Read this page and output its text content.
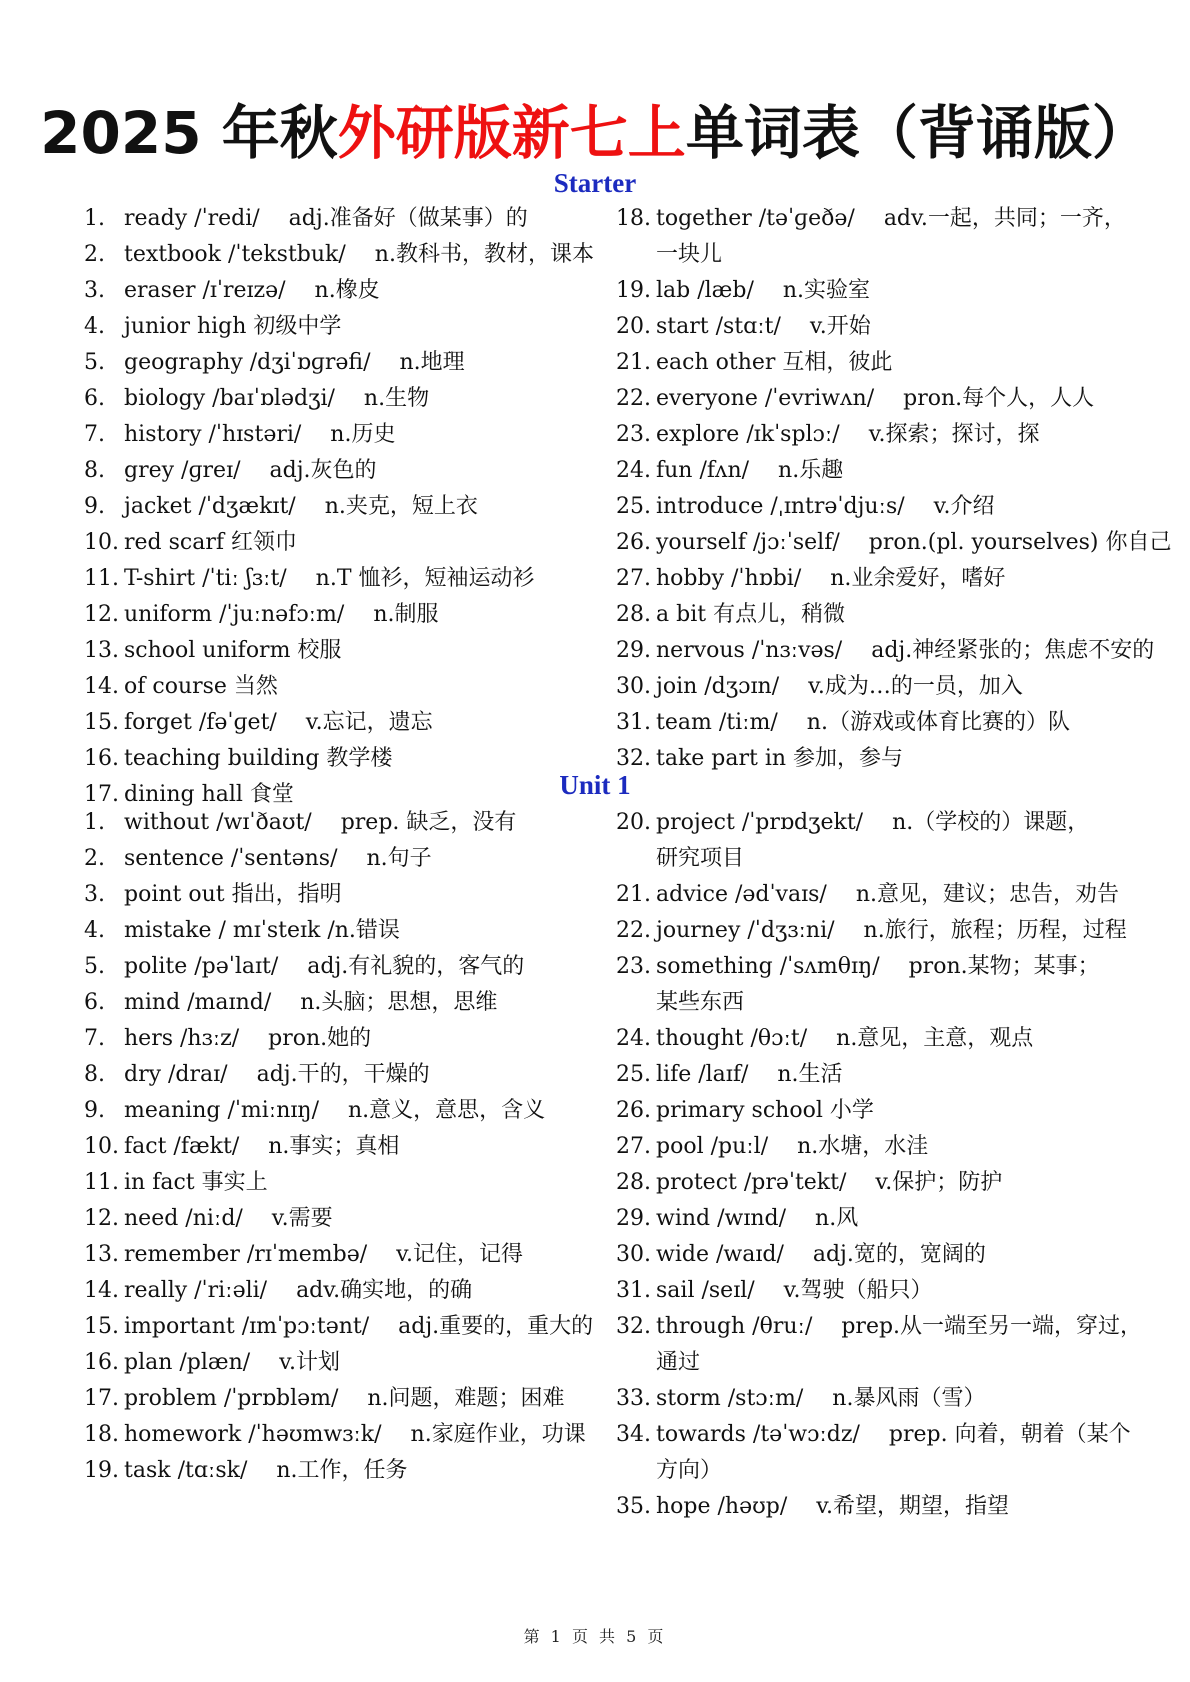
2025 年秋外研版新七上单词表（背诵版）
Starter
1. ready /ˈredi/　 adj.准备好（做某事）的
2. textbook /ˈtekstbuk/　 n.教科书，教材，课本
3. eraser /ɪˈreɪzə/　 n.橡皮
4. junior high 初级中学
5. geography /dʒiˈɒɡrəfi/　 n.地理
6. biology /baɪˈɒlədʒi/　 n.生物
7. history /ˈhɪstəri/　 n.历史
8. grey /ɡreɪ/　 adj.灰色的
9. jacket /ˈdʒækɪt/　 n.夹克，短上衣
10. red scarf 红领巾
11. T-shirt /ˈtiː ʃɜːt/　 n.T 恤衫，短袖运动衫
12. uniform /ˈjuːnəfɔːm/　 n.制服
13. school uniform 校服
14. of course 当然
15. forget /fəˈɡet/　 v.忘记，遗忘
16. teaching building 教学楼
17. dining hall 食堂
18. together /təˈɡeðə/　 adv.一起，共同；一齐，
一块儿
19. lab /læb/　 n.实验室
20. start /stɑːt/　 v.开始
21. each other 互相，彼此
22. everyone /ˈevriwʌn/　 pron.每个人，人人
23. explore /ɪkˈsplɔː/　 v.探索；探讨，探
24. fun /fʌn/　 n.乐趣
25. introduce /ˌɪntrəˈdjuːs/　 v.介绍
26. yourself /jɔːˈself/　 pron.(pl. yourselves) 你自己
27. hobby /ˈhɒbi/　 n.业余爱好，嗜好
28. a bit 有点儿，稍微
29. nervous /ˈnɜːvəs/　 adj.神经紧张的；焦虑不安的
30. join /dʒɔɪn/　 v.成为…的一员，加入
31. team /tiːm/　 n.（游戏或体育比赛的）队
32. take part in 参加，参与
Unit 1
1. without /wɪˈðaʊt/　 prep. 缺乏，没有
2. sentence /ˈsentəns/　 n.句子
3. point out 指出，指明
4. mistake / mɪˈsteɪk /n.错误
5. polite /pəˈlaɪt/　 adj.有礼貌的，客气的
6. mind /maɪnd/　 n.头脑；思想，思维
7. hers /hɜːz/　 pron.她的
8. dry /draɪ/　 adj.干的，干燥的
9. meaning /ˈmiːnɪŋ/　 n.意义，意思，含义
10. fact /fækt/　 n.事实；真相
11. in fact 事实上
12. need /niːd/　 v.需要
13. remember /rɪˈmembə/　 v.记住，记得
14. really /ˈriːəli/　 adv.确实地，的确
15. important /ɪmˈpɔːtənt/　 adj.重要的，重大的
16. plan /plæn/　 v.计划
17. problem /ˈprɒbləm/　 n.问题，难题；困难
18. homework /ˈhəʊmwɜːk/　 n.家庭作业，功课
19. task /tɑːsk/　 n.工作，任务
20. project /ˈprɒdʒekt/　 n.（学校的）课题，
研究项目
21. advice /ədˈvaɪs/　 n.意见，建议；忠告，劝告
22. journey /ˈdʒɜːni/　 n.旅行，旅程；历程，过程
23. something /ˈsʌmθɪŋ/　 pron.某物；某事；
某些东西
24. thought /θɔːt/　 n.意见，主意，观点
25. life /laɪf/　 n.生活
26. primary school 小学
27. pool /puːl/　 n.水塘，水洼
28. protect /prəˈtekt/　 v.保护；防护
29. wind /wɪnd/　 n.风
30. wide /waɪd/　 adj.宽的，宽阔的
31. sail /seɪl/　 v.驾驶（船只）
32. through /θruː/　 prep.从一端至另一端，穿过，
通过
33. storm /stɔːm/　 n.暴风雨（雪）
34. towards /təˈwɔːdz/　 prep. 向着，朝着（某个
方向）
35. hope /həʊp/　 v.希望，期望，指望
第 1 页 共 5 页
